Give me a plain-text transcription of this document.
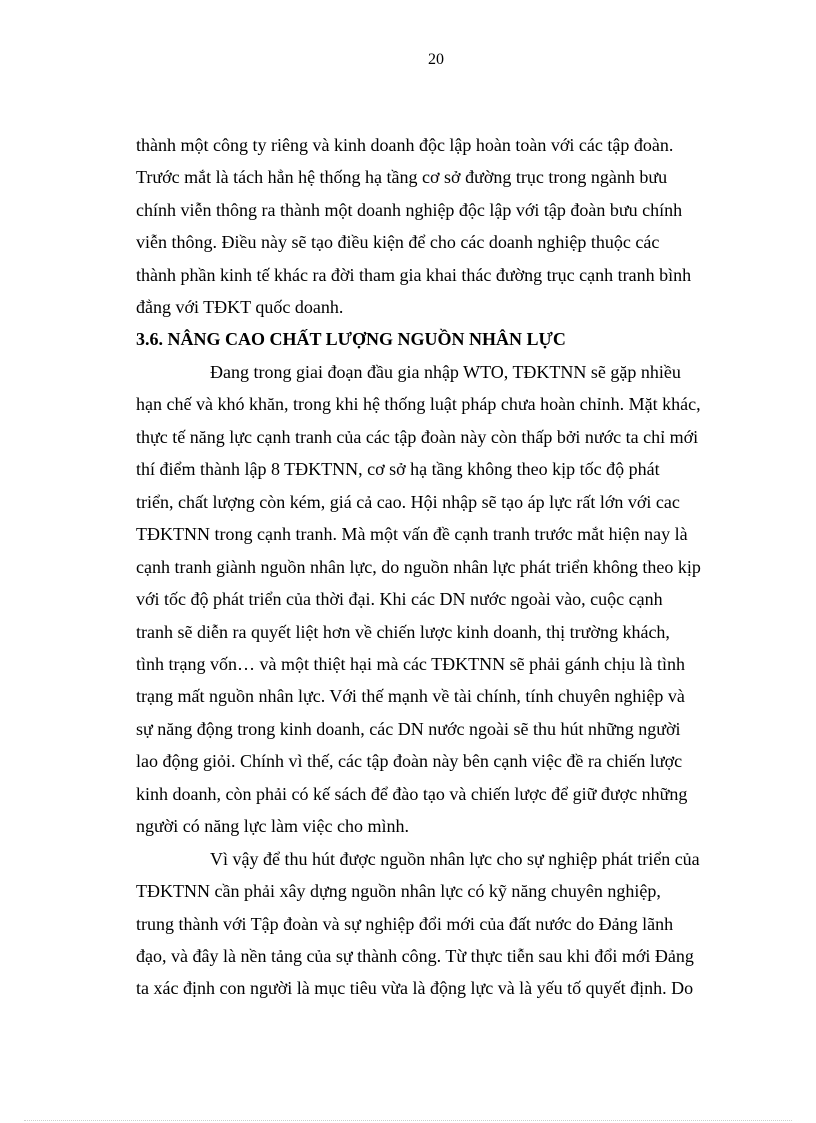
20
thành một công ty riêng và kinh doanh độc lập hoàn toàn với các tập đoàn.
Trước mắt là tách hẳn hệ thống hạ tầng cơ sở đường trục trong ngành bưu
chính viễn thông ra thành một doanh nghiệp độc lập với tập đoàn bưu chính
viễn thông. Điều này sẽ tạo điều kiện để cho các doanh nghiệp thuộc các
thành phần kinh tế khác ra đời tham gia khai thác đường trục cạnh tranh bình
đẳng với TĐKT quốc doanh.
3.6. NÂNG CAO CHẤT LƯỢNG NGUỒN NHÂN LỰC
Đang trong giai đoạn đầu gia nhập WTO, TĐKTNN sẽ gặp nhiều
hạn chế và khó khăn, trong khi hệ thống luật pháp chưa hoàn chỉnh. Mặt khác,
thực tế năng lực cạnh tranh của các tập đoàn này còn thấp bởi nước ta chỉ mới
thí điểm thành lập 8 TĐKTNN, cơ sở hạ tầng không theo kịp tốc độ phát
triển, chất lượng còn kém, giá cả cao. Hội nhập sẽ tạo áp lực rất lớn với cac
TĐKTNN trong cạnh tranh. Mà một vấn đề cạnh tranh trước mắt hiện nay là
cạnh tranh giành nguồn nhân lực, do nguồn nhân lực phát triển không theo kịp
với tốc độ phát triển của thời đại. Khi các DN nước ngoài vào, cuộc cạnh
tranh sẽ diễn ra quyết liệt hơn về chiến lược kinh doanh, thị trường khách,
tình trạng vốn… và một thiệt hại mà các TĐKTNN sẽ phải gánh chịu là tình
trạng mất nguồn nhân lực. Với thế mạnh về tài chính, tính chuyên nghiệp và
sự năng động trong kinh doanh, các DN nước ngoài sẽ thu hút những người
lao động giỏi. Chính vì thế, các tập đoàn này bên cạnh việc đề ra chiến lược
kinh doanh, còn phải có kế sách để đào tạo và chiến lược để giữ được những
người có năng lực làm việc cho mình.
Vì vậy để thu hút được nguồn nhân lực cho sự nghiệp phát triển của
TĐKTNN cần phải xây dựng nguồn nhân lực có kỹ năng chuyên nghiệp,
trung thành với Tập đoàn và sự nghiệp đổi mới của đất nước do Đảng lãnh
đạo, và đây là nền tảng của sự thành công. Từ thực tiễn sau khi đổi mới Đảng
ta xác định con người là mục tiêu vừa là động lực và là yếu tố quyết định. Do
